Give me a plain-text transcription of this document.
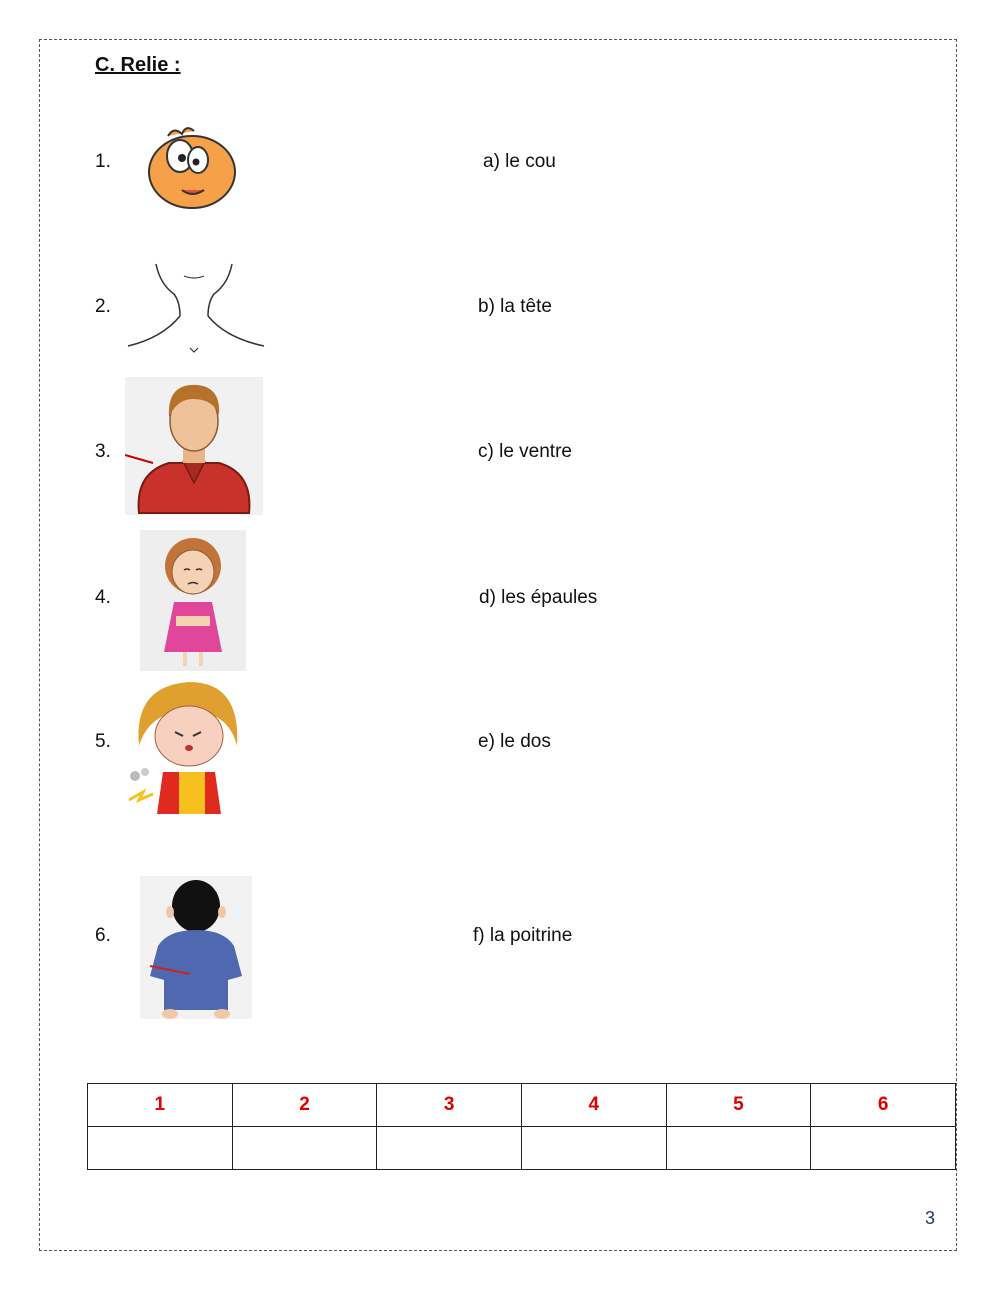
C. Relie :
1.
2.
3.
4.
5.
6.
a) le cou
b) la tête
c) le ventre
d) les épaules
e) le dos
f) la poitrine
1	2	3	4	5	6

3
